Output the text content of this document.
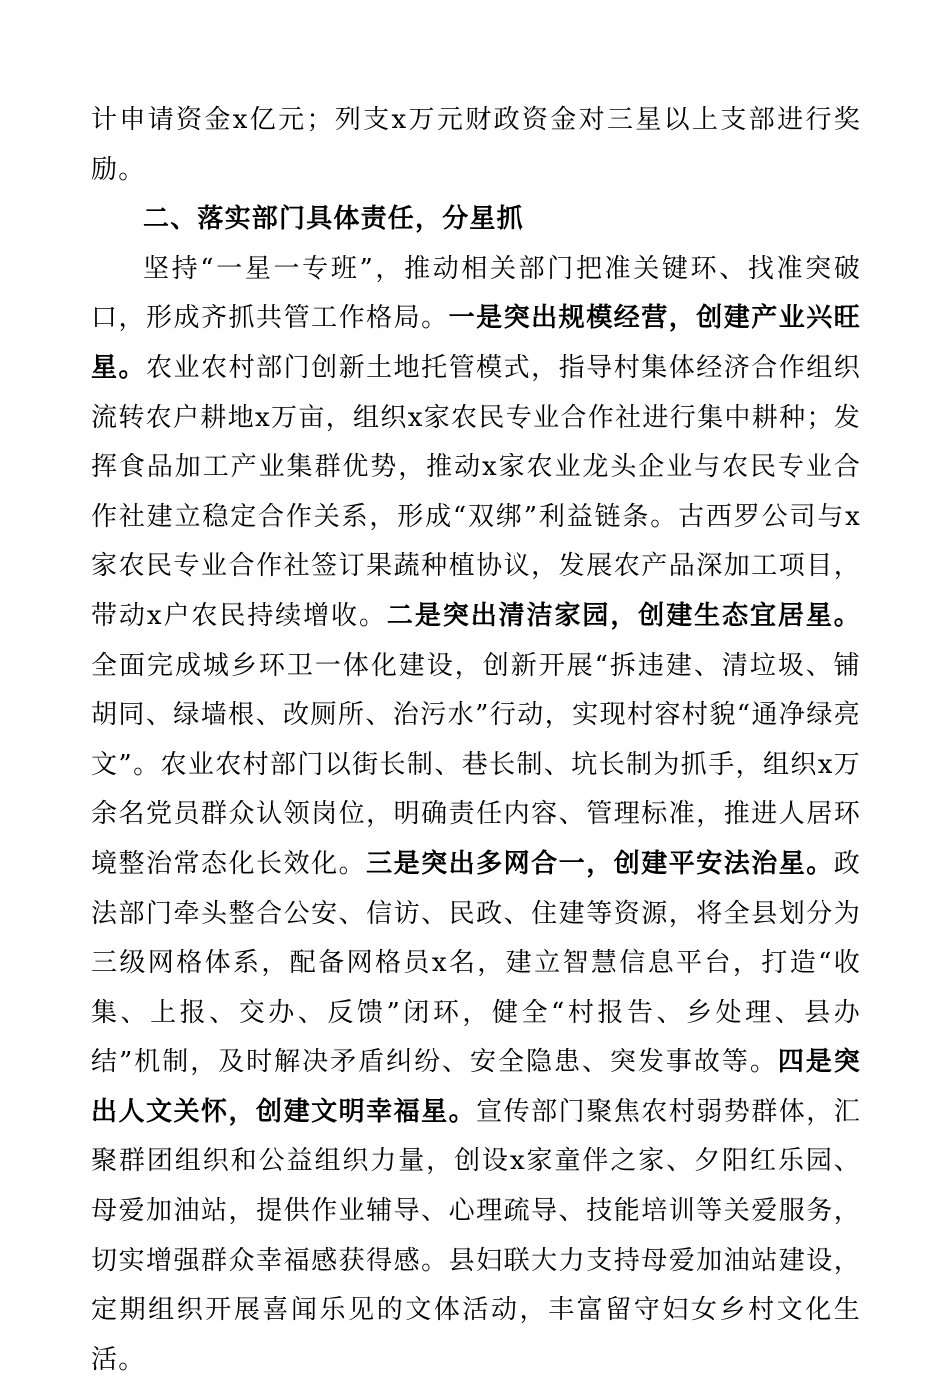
计申请资金x亿元；列支x万元财政资金对三星以上支部进行奖励。

二、落实部门具体责任，分星抓

坚持“一星一专班”，推动相关部门把准关键环、找准突破口，形成齐抓共管工作格局。一是突出规模经营，创建产业兴旺星。农业农村部门创新土地托管模式，指导村集体经济合作组织流转农户耕地x万亩，组织x家农民专业合作社进行集中耕种；发挥食品加工产业集群优势，推动x家农业龙头企业与农民专业合作社建立稳定合作关系，形成“双绑”利益链条。古西罗公司与x家农民专业合作社签订果蔬种植协议，发展农产品深加工项目，带动x户农民持续增收。二是突出清洁家园，创建生态宜居星。全面完成城乡环卫一体化建设，创新开展“拆违建、清垃圾、铺胡同、绿墙根、改厕所、治污水”行动，实现村容村貌“通净绿亮文”。农业农村部门以街长制、巷长制、坑长制为抓手，组织x万余名党员群众认领岗位，明确责任内容、管理标准，推进人居环境整治常态化长效化。三是突出多网合一，创建平安法治星。政法部门牵头整合公安、信访、民政、住建等资源，将全县划分为三级网格体系，配备网格员x名，建立智慧信息平台，打造“收集、上报、交办、反馈”闭环，健全“村报告、乡处理、县办结”机制，及时解决矛盾纠纷、安全隐患、突发事故等。四是突出人文关怀，创建文明幸福星。宣传部门聚焦农村弱势群体，汇聚群团组织和公益组织力量，创设x家童伴之家、夕阳红乐园、母爱加油站，提供作业辅导、心理疏导、技能培训等关爱服务，切实增强群众幸福感获得感。县妇联大力支持母爱加油站建设，定期组织开展喜闻乐见的文体活动，丰富留守妇女乡村文化生活。
